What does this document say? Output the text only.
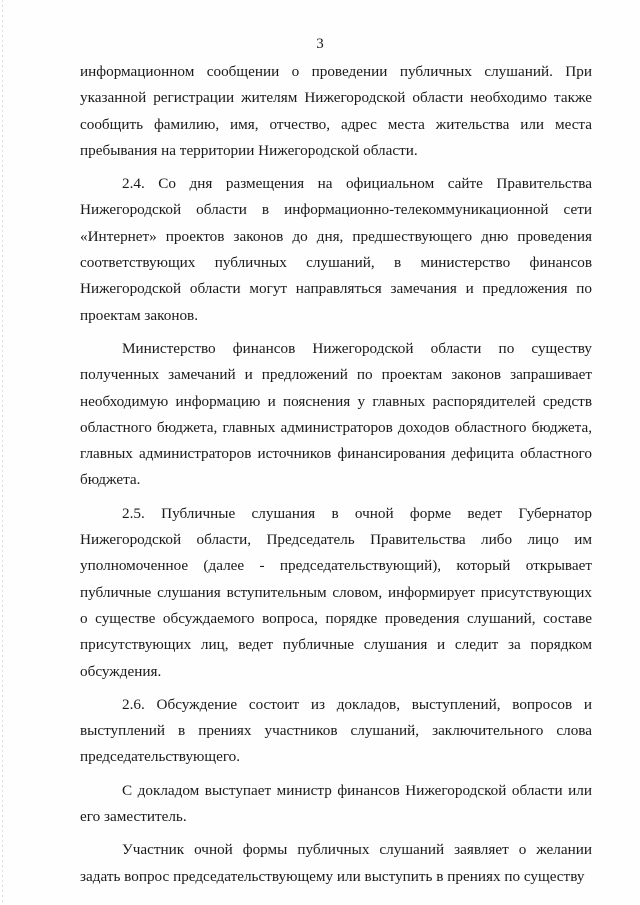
3

информационном сообщении о проведении публичных слушаний. При указанной регистрации жителям Нижегородской области необходимо также сообщить фамилию, имя, отчество, адрес места жительства или места пребывания на территории Нижегородской области.

2.4. Со дня размещения на официальном сайте Правительства Нижегородской области в информационно-телекоммуникационной сети «Интернет» проектов законов до дня, предшествующего дню проведения соответствующих публичных слушаний, в министерство финансов Нижегородской области могут направляться замечания и предложения по проектам законов.

Министерство финансов Нижегородской области по существу полученных замечаний и предложений по проектам законов запрашивает необходимую информацию и пояснения у главных распорядителей средств областного бюджета, главных администраторов доходов областного бюджета, главных администраторов источников финансирования дефицита областного бюджета.

2.5. Публичные слушания в очной форме ведет Губернатор Нижегородской области, Председатель Правительства либо лицо им уполномоченное (далее - председательствующий), который открывает публичные слушания вступительным словом, информирует присутствующих о существе обсуждаемого вопроса, порядке проведения слушаний, составе присутствующих лиц, ведет публичные слушания и следит за порядком обсуждения.

2.6. Обсуждение состоит из докладов, выступлений, вопросов и выступлений в прениях участников слушаний, заключительного слова председательствующего.

С докладом выступает министр финансов Нижегородской области или его заместитель.

Участник очной формы публичных слушаний заявляет о желании задать вопрос председательствующему или выступить в прениях по существу
